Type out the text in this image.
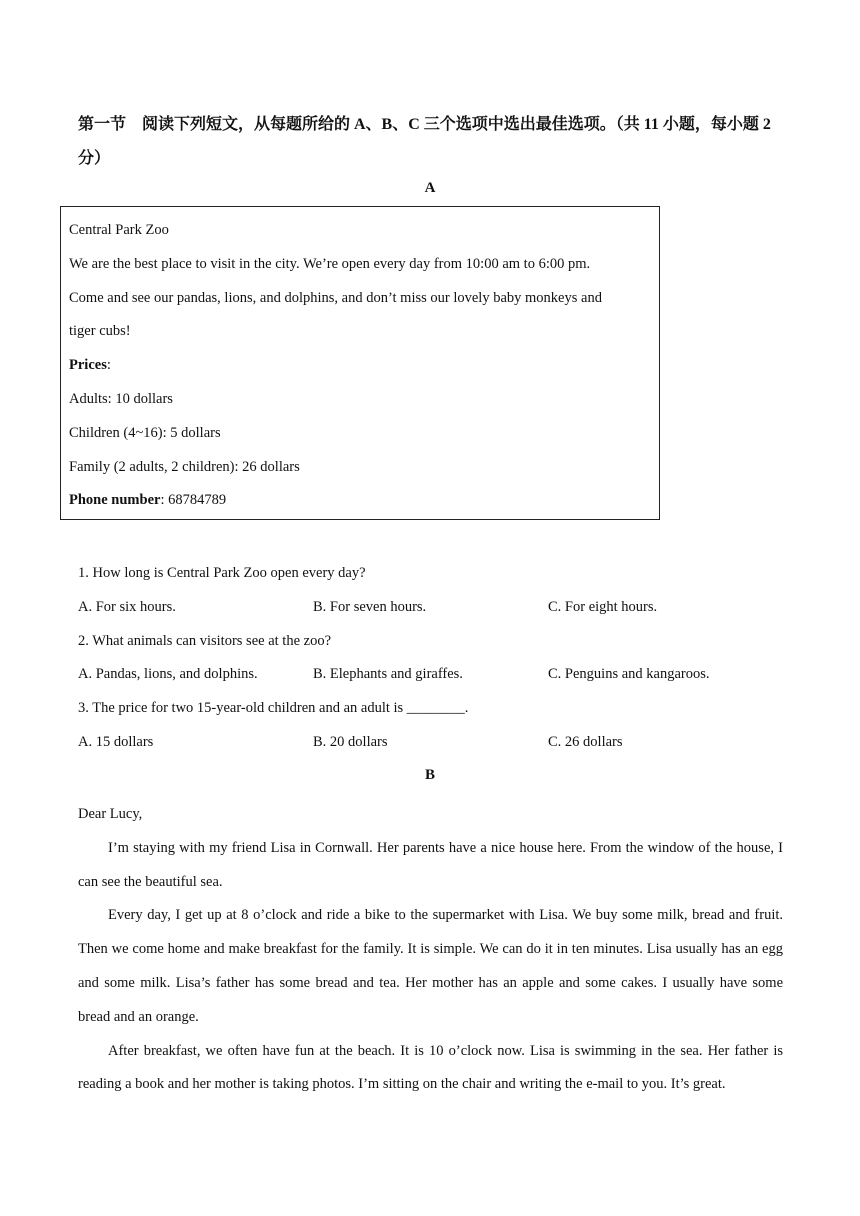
第一节　阅读下列短文，从每题所给的 A、B、C 三个选项中选出最佳选项。（共 11 小题，每小题 2 分）
A
Central Park Zoo
We are the best place to visit in the city. We’re open every day from 10:00 am to 6:00 pm.
Come and see our pandas, lions, and dolphins, and don’t miss our lovely baby monkeys and
tiger cubs!
Prices:
Adults: 10 dollars
Children (4~16): 5 dollars
Family (2 adults, 2 children): 26 dollars
Phone number: 68784789
1. How long is Central Park Zoo open every day?
A. For six hours.	B. For seven hours.	C. For eight hours.
2. What animals can visitors see at the zoo?
A. Pandas, lions, and dolphins.	B. Elephants and giraffes.	C. Penguins and kangaroos.
3. The price for two 15-year-old children and an adult is ________.
A. 15 dollars	B. 20 dollars	C. 26 dollars
B

Dear Lucy,

I’m staying with my friend Lisa in Cornwall. Her parents have a nice house here. From the window of the house, I can see the beautiful sea.

Every day, I get up at 8 o’clock and ride a bike to the supermarket with Lisa. We buy some milk, bread and fruit. Then we come home and make breakfast for the family. It is simple. We can do it in ten minutes. Lisa usually has an egg and some milk. Lisa’s father has some bread and tea. Her mother has an apple and some cakes. I usually have some bread and an orange.

After breakfast, we often have fun at the beach. It is 10 o’clock now. Lisa is swimming in the sea. Her father is reading a book and her mother is taking photos. I’m sitting on the chair and writing the e-mail to you. It’s great.
